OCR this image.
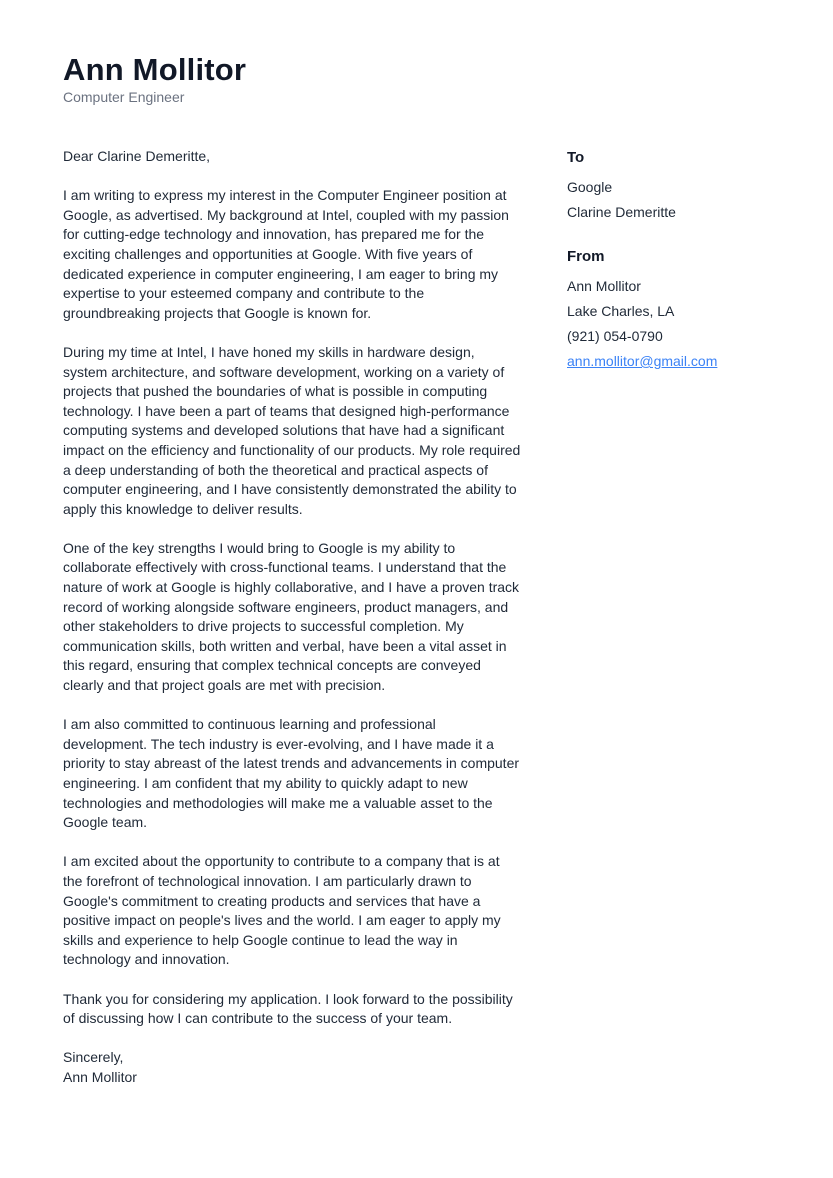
Ann Mollitor
Computer Engineer

Dear Clarine Demeritte,

I am writing to express my interest in the Computer Engineer position at Google, as advertised. My background at Intel, coupled with my passion for cutting-edge technology and innovation, has prepared me for the exciting challenges and opportunities at Google. With five years of dedicated experience in computer engineering, I am eager to bring my expertise to your esteemed company and contribute to the groundbreaking projects that Google is known for.

During my time at Intel, I have honed my skills in hardware design, system architecture, and software development, working on a variety of projects that pushed the boundaries of what is possible in computing technology. I have been a part of teams that designed high-performance computing systems and developed solutions that have had a significant impact on the efficiency and functionality of our products. My role required a deep understanding of both the theoretical and practical aspects of computer engineering, and I have consistently demonstrated the ability to apply this knowledge to deliver results.

One of the key strengths I would bring to Google is my ability to collaborate effectively with cross-functional teams. I understand that the nature of work at Google is highly collaborative, and I have a proven track record of working alongside software engineers, product managers, and other stakeholders to drive projects to successful completion. My communication skills, both written and verbal, have been a vital asset in this regard, ensuring that complex technical concepts are conveyed clearly and that project goals are met with precision.

I am also committed to continuous learning and professional development. The tech industry is ever-evolving, and I have made it a priority to stay abreast of the latest trends and advancements in computer engineering. I am confident that my ability to quickly adapt to new technologies and methodologies will make me a valuable asset to the Google team.

I am excited about the opportunity to contribute to a company that is at the forefront of technological innovation. I am particularly drawn to Google's commitment to creating products and services that have a positive impact on people's lives and the world. I am eager to apply my skills and experience to help Google continue to lead the way in technology and innovation.

Thank you for considering my application. I look forward to the possibility of discussing how I can contribute to the success of your team.

Sincerely,

Ann Mollitor

To
Google
Clarine Demeritte
From
Ann Mollitor
Lake Charles, LA
(921) 054-0790
ann.mollitor@gmail.com
